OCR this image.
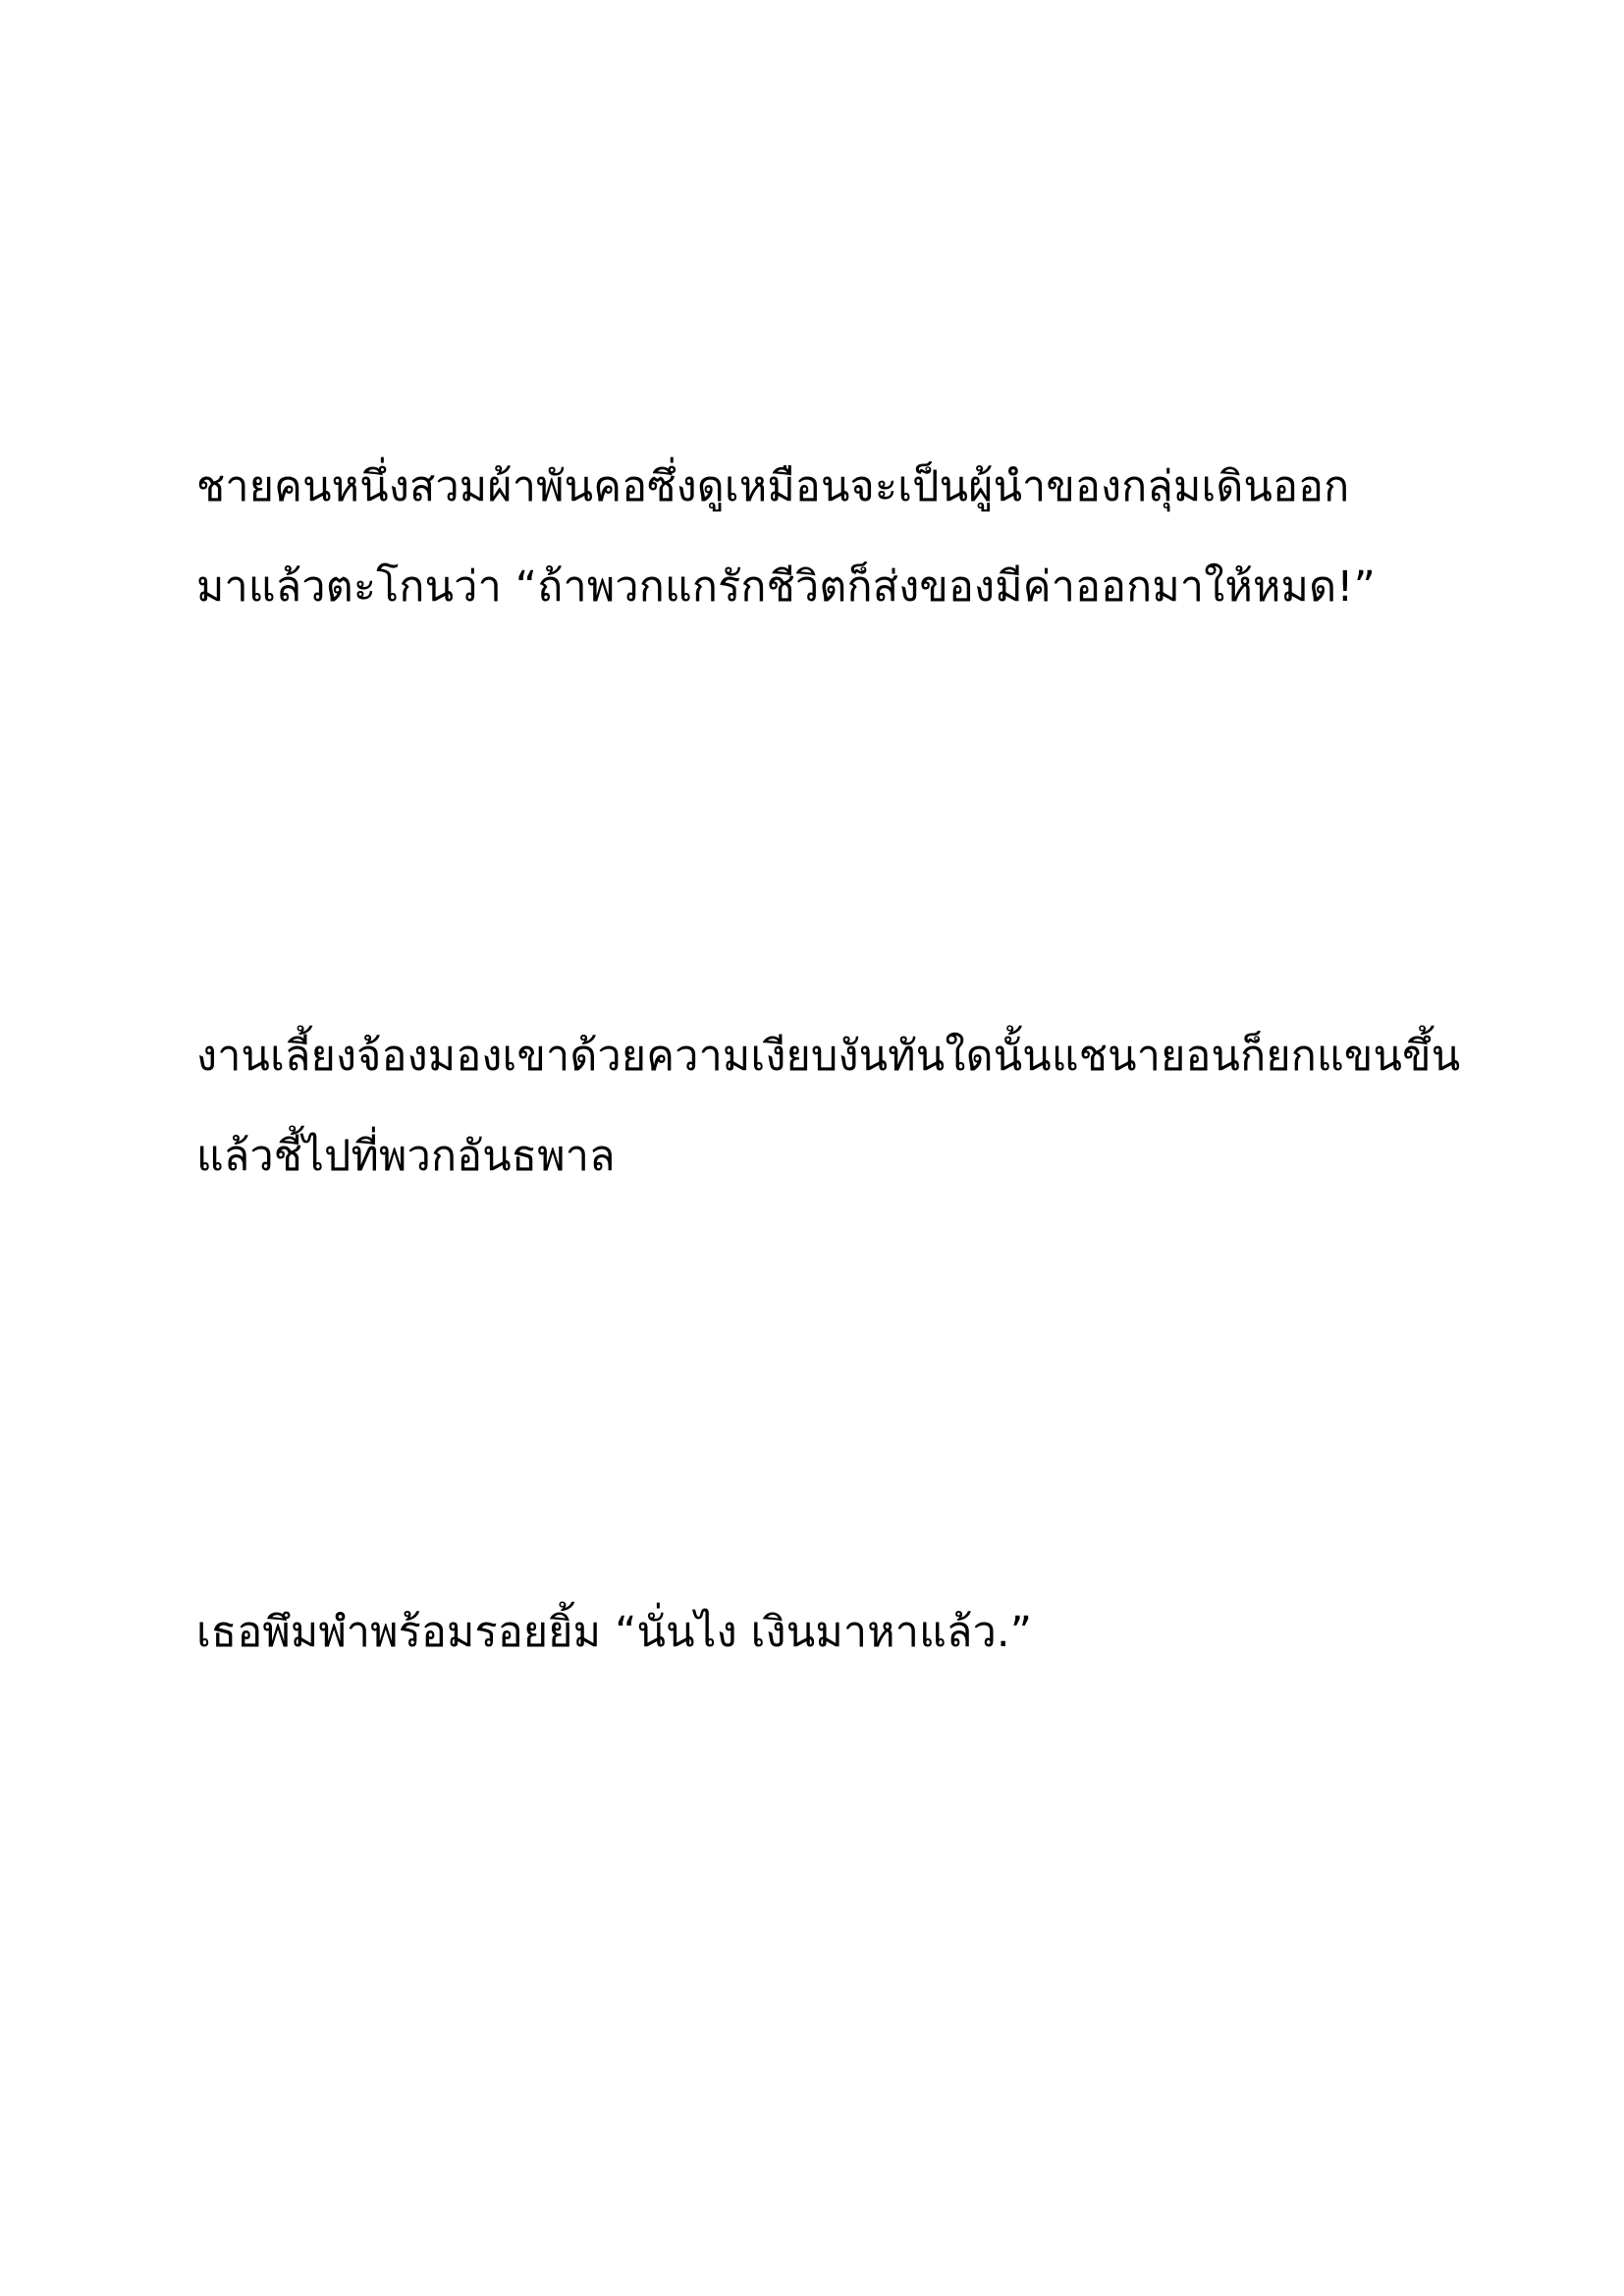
ชายคนหนึ่งสวมผ้าพันคอซึ่งดูเหมือนจะเป็นผู้นำของกลุ่มเดินออก
มาแล้วตะโกนว่า “ถ้าพวกแกรักชีวิตก็ส่งของมีค่าออกมาให้หมด!”
งานเลี้ยงจ้องมองเขาด้วยความเงียบงันทันใดนั้นแชนายอนก็ยกแขนขึ้น
แล้วชี้ไปที่พวกอันธพาล
เธอพึมพำพร้อมรอยยิ้ม “นั่นไง เงินมาหาแล้ว.”
